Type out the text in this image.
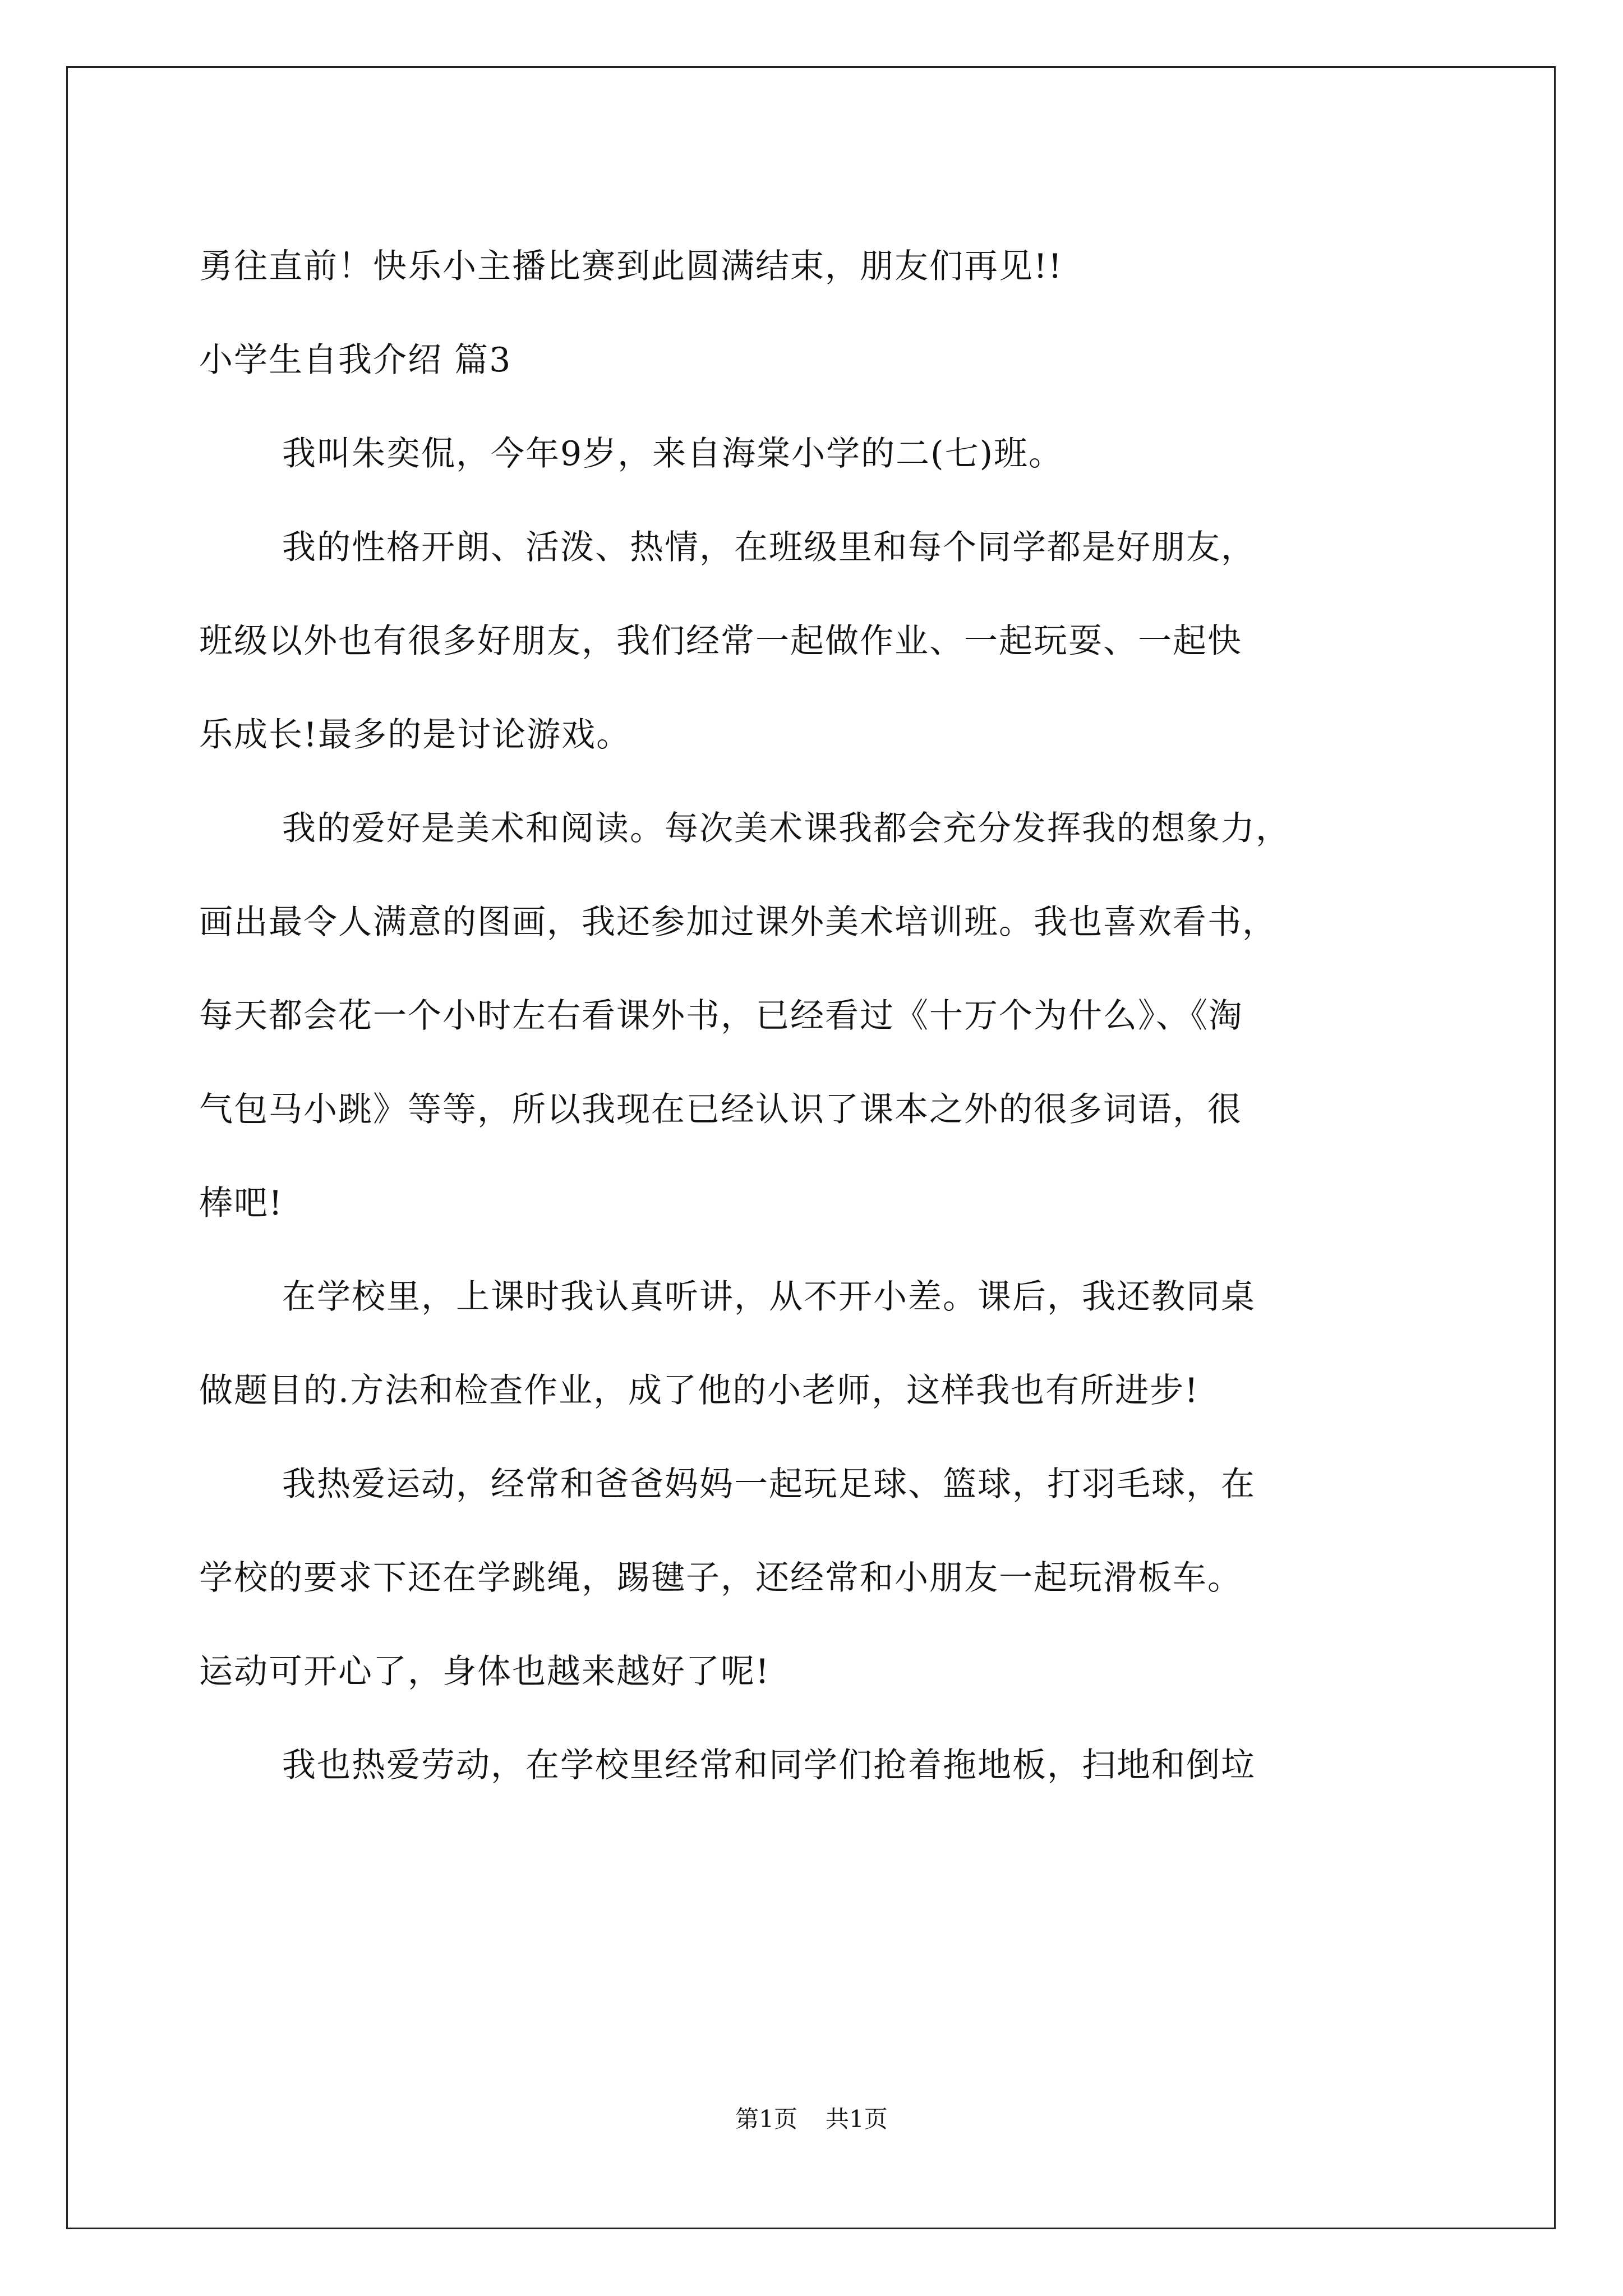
勇往直前！快乐小主播比赛到此圆满结束，朋友们再见!!
小学生自我介绍 篇3
我叫朱奕侃，今年9岁，来自海棠小学的二(七)班。
我的性格开朗、活泼、热情，在班级里和每个同学都是好朋友，
班级以外也有很多好朋友，我们经常一起做作业、一起玩耍、一起快
乐成长!最多的是讨论游戏。
我的爱好是美术和阅读。每次美术课我都会充分发挥我的想象力，
画出最令人满意的图画，我还参加过课外美术培训班。我也喜欢看书，
每天都会花一个小时左右看课外书，已经看过《十万个为什么》、《淘
气包马小跳》等等，所以我现在已经认识了课本之外的很多词语，很
棒吧!
在学校里，上课时我认真听讲，从不开小差。课后，我还教同桌
做题目的.方法和检查作业，成了他的小老师，这样我也有所进步!
我热爱运动，经常和爸爸妈妈一起玩足球、篮球，打羽毛球，在
学校的要求下还在学跳绳，踢毽子，还经常和小朋友一起玩滑板车。
运动可开心了，身体也越来越好了呢!
我也热爱劳动，在学校里经常和同学们抢着拖地板，扫地和倒垃
第1页 共1页
